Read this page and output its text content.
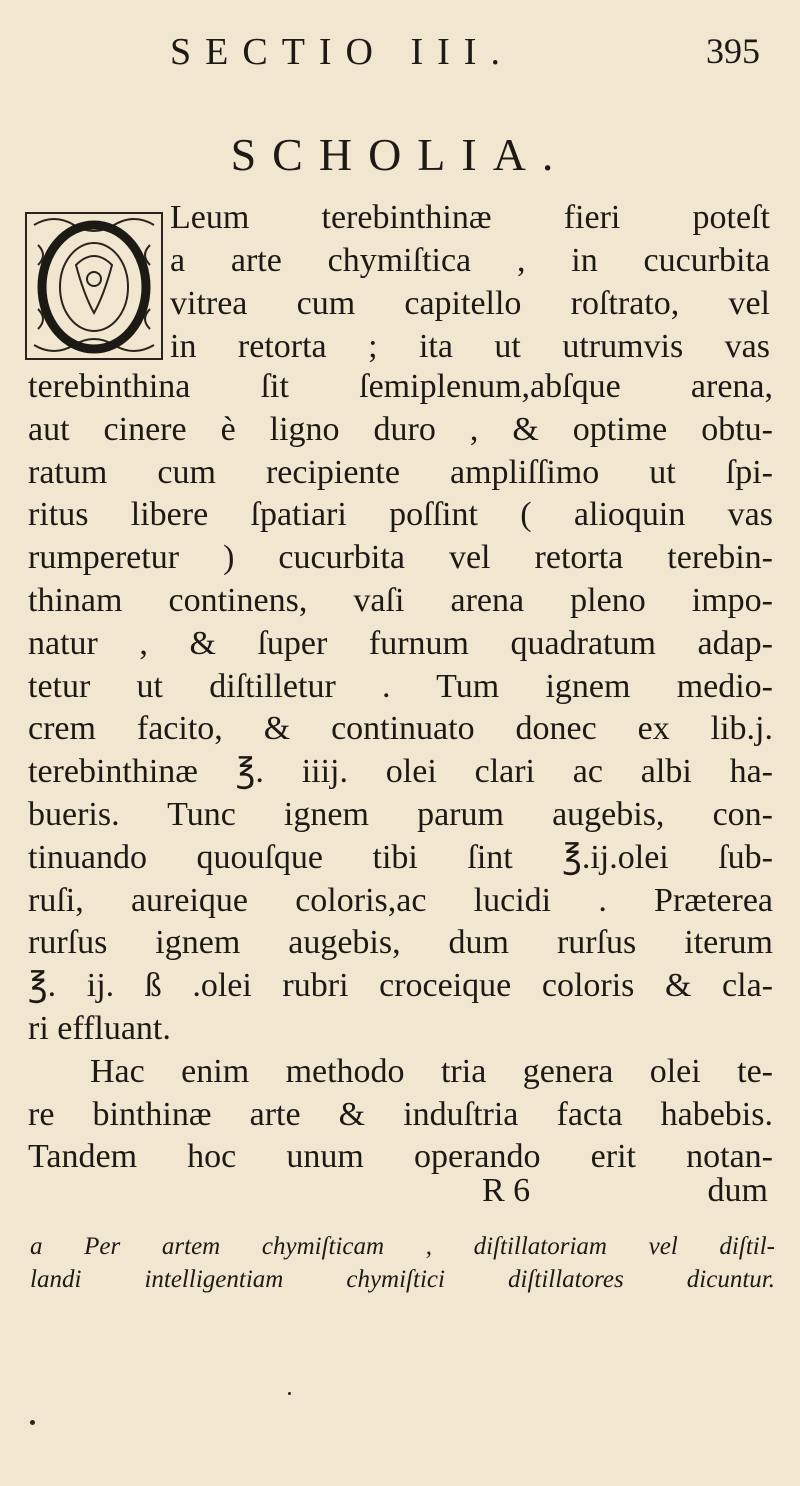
SECTIO III.	395
SCHOLIA.
Leum terebinthinæ fieri poteſt
a arte chymiſtica , in cucurbita
vitrea cum capitello roſtrato, vel
in retorta ; ita ut utrumvis vas
terebinthina ſit ſemiplenum,abſque arena,
aut cinere è ligno duro , & optime obtu-
ratum cum recipiente ampliſſimo ut ſpi-
ritus libere ſpatiari poſſint ( alioquin vas
rumperetur ) cucurbita vel retorta terebin-
thinam continens, vaſi arena pleno impo-
natur , & ſuper furnum quadratum adap-
tetur ut diſtilletur . Tum ignem medio-
crem facito, & continuato donec ex lib.j.
terebinthinæ ℥. iiij. olei clari ac albi ha-
bueris. Tunc ignem parum augebis, con-
tinuando quouſque tibi ſint ℥.ij.olei ſub-
ruſi, aureique coloris,ac lucidi . Præterea
rurſus ignem augebis, dum rurſus iterum
℥. ij. ß .olei rubri croceique coloris & cla-
ri effluant.
Hac enim methodo tria genera olei te-
re binthinæ arte & induſtria facta habebis.
Tandem hoc unum operando erit notan-
R 6	dum
a Per artem chymiſticam , diſtillatoriam vel diſtil-
landi intelligentiam chymiſtici diſtillatores dicuntur.
